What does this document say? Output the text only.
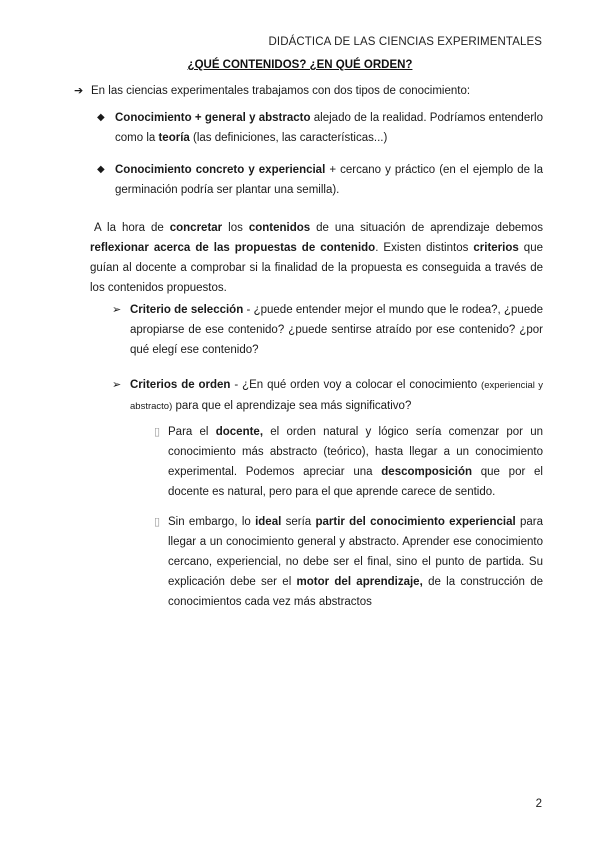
DIDÁCTICA DE LAS CIENCIAS EXPERIMENTALES
¿QUÉ CONTENIDOS? ¿EN QUÉ ORDEN?
➔ En las ciencias experimentales trabajamos con dos tipos de conocimiento:
◆ Conocimiento + general y abstracto alejado de la realidad. Podríamos entenderlo como la teoría (las definiciones, las características...)
◆ Conocimiento concreto y experiencial + cercano y práctico (en el ejemplo de la germinación podría ser plantar una semilla).
A la hora de concretar los contenidos de una situación de aprendizaje debemos reflexionar acerca de las propuestas de contenido. Existen distintos criterios que guían al docente a comprobar si la finalidad de la propuesta es conseguida a través de los contenidos propuestos.
➢ Criterio de selección - ¿puede entender mejor el mundo que le rodea?, ¿puede apropiarse de ese contenido? ¿puede sentirse atraído por ese contenido? ¿por qué elegí ese contenido?
➢ Criterios de orden - ¿En qué orden voy a colocar el conocimiento (experiencial y abstracto) para que el aprendizaje sea más significativo?
▯ Para el docente, el orden natural y lógico sería comenzar por un conocimiento más abstracto (teórico), hasta llegar a un conocimiento experimental. Podemos apreciar una descomposición que por el docente es natural, pero para el que aprende carece de sentido.
▯ Sin embargo, lo ideal sería partir del conocimiento experiencial para llegar a un conocimiento general y abstracto. Aprender ese conocimiento cercano, experiencial, no debe ser el final, sino el punto de partida. Su explicación debe ser el motor del aprendizaje, de la construcción de conocimientos cada vez más abstractos
2
